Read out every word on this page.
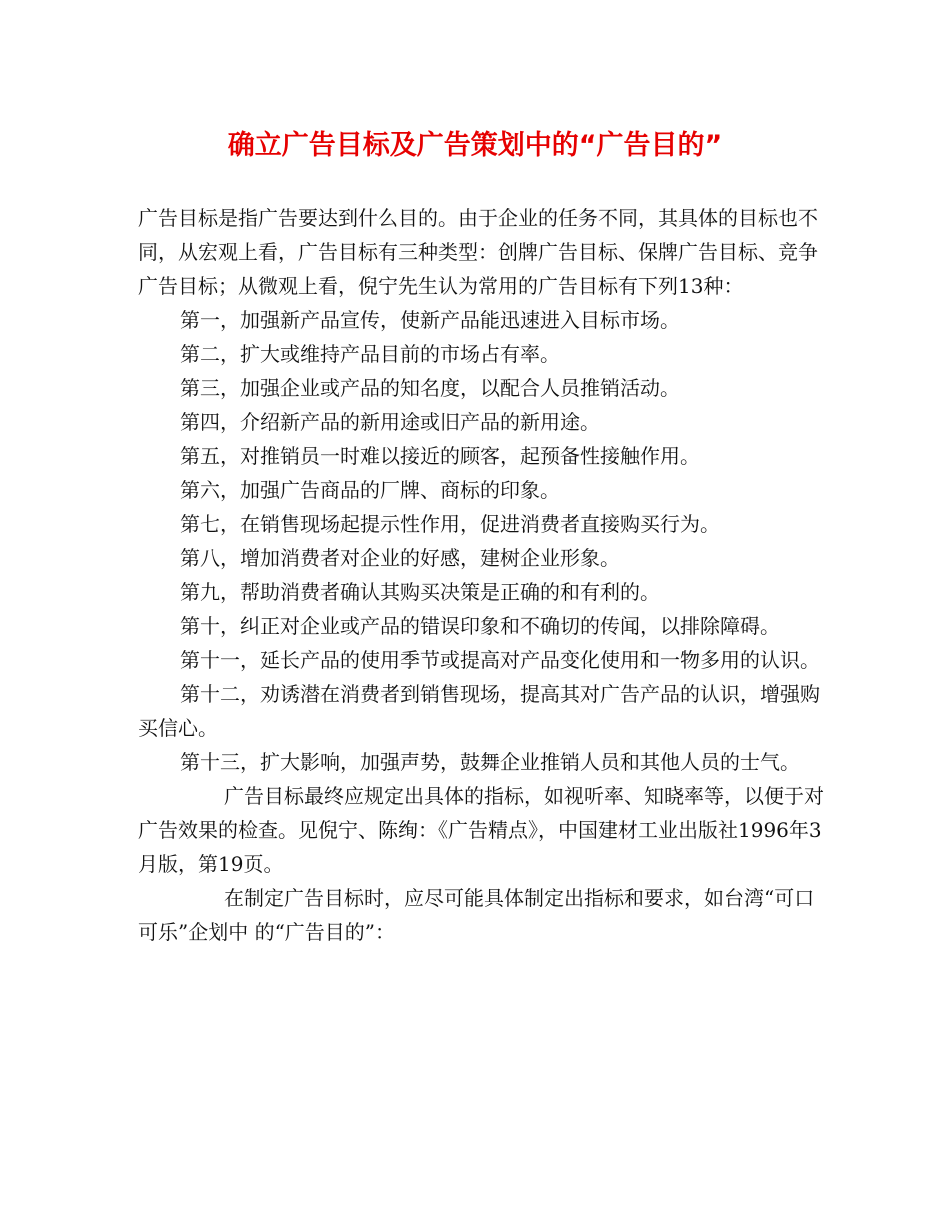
确立广告目标及广告策划中的“广告目的”

广告目标是指广告要达到什么目的。由于企业的任务不同，其具体的目标也不同，从宏观上看，广告目标有三种类型：创牌广告目标、保牌广告目标、竞争广告目标；从微观上看，倪宁先生认为常用的广告目标有下列13种：

第一，加强新产品宣传，使新产品能迅速进入目标市场。

第二，扩大或维持产品目前的市场占有率。

第三，加强企业或产品的知名度，以配合人员推销活动。

第四，介绍新产品的新用途或旧产品的新用途。

第五，对推销员一时难以接近的顾客，起预备性接触作用。

第六，加强广告商品的厂牌、商标的印象。

第七，在销售现场起提示性作用，促进消费者直接购买行为。

第八，增加消费者对企业的好感，建树企业形象。

第九，帮助消费者确认其购买决策是正确的和有利的。

第十，纠正对企业或产品的错误印象和不确切的传闻，以排除障碍。

第十一，延长产品的使用季节或提高对产品变化使用和一物多用的认识。

第十二，劝诱潜在消费者到销售现场，提高其对广告产品的认识，增强购买信心。

第十三，扩大影响，加强声势，鼓舞企业推销人员和其他人员的士气。

广告目标最终应规定出具体的指标，如视听率、知晓率等，以便于对广告效果的检查。见倪宁、陈绚：《广告精点》，中国建材工业出版社1996年3月版，第19页。

在制定广告目标时，应尽可能具体制定出指标和要求，如台湾“可口可乐”企划中 的“广告目的”：
